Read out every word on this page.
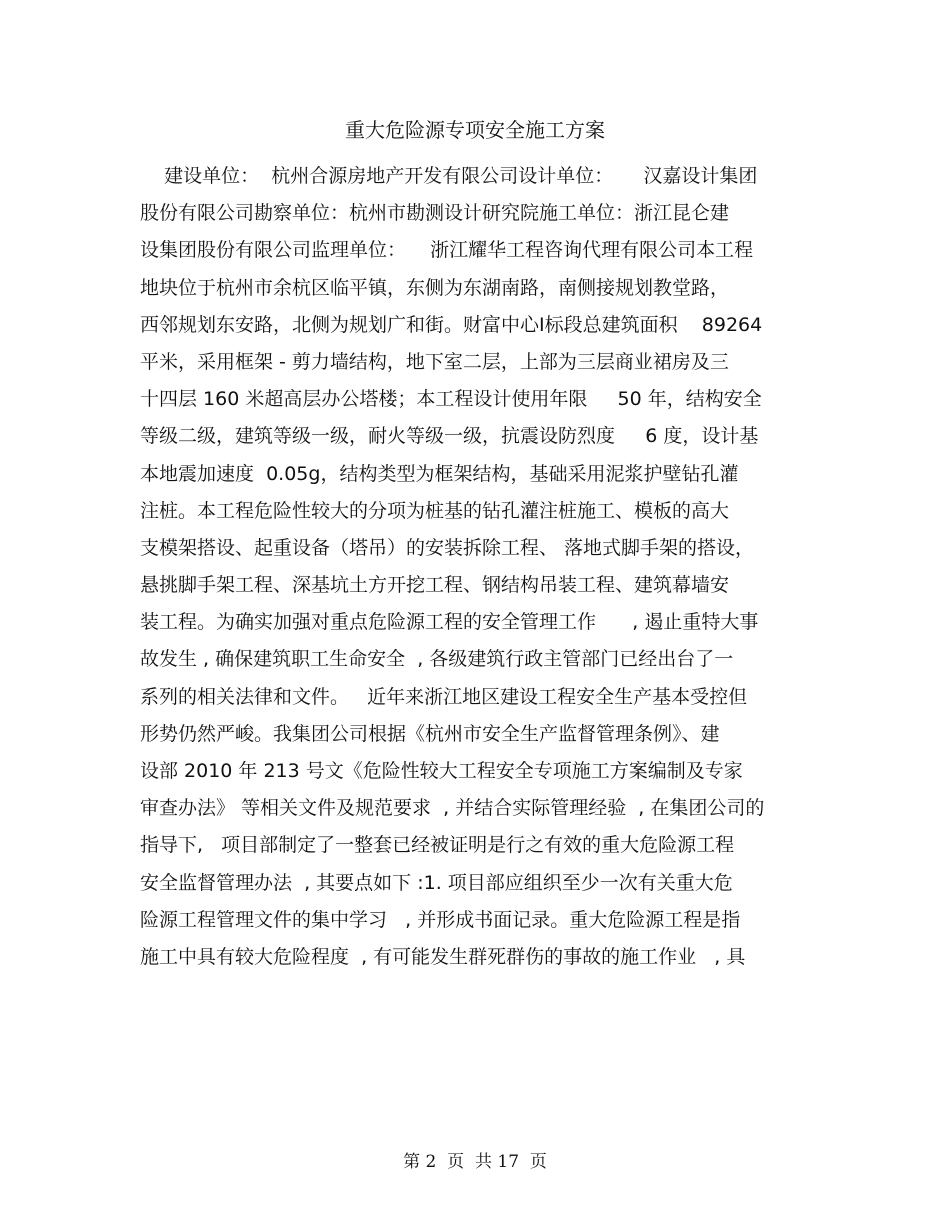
重大危险源专项安全施工方案
建设单位：  杭州合源房地产开发有限公司设计单位：     汉嘉设计集团
股份有限公司勘察单位：杭州市勘测设计研究院施工单位：浙江昆仑建
设集团股份有限公司监理单位：    浙江耀华工程咨询代理有限公司本工程
地块位于杭州市余杭区临平镇，东侧为东湖南路，南侧接规划教堂路，
西邻规划东安路，北侧为规划广和街。财富中心Ⅰ标段总建筑面积    89264
平米，采用框架 - 剪力墙结构，地下室二层，上部为三层商业裙房及三
十四层 160 米超高层办公塔楼；本工程设计使用年限     50 年，结构安全
等级二级，建筑等级一级，耐火等级一级，抗震设防烈度     6 度，设计基
本地震加速度  0.05g，结构类型为框架结构，基础采用泥浆护壁钻孔灌
注桩。本工程危险性较大的分项为桩基的钻孔灌注桩施工、模板的高大
支模架搭设、起重设备（塔吊）的安装拆除工程、 落地式脚手架的搭设，
悬挑脚手架工程、深基坑土方开挖工程、钢结构吊装工程、建筑幕墙安
装工程。为确实加强对重点危险源工程的安全管理工作      , 遏止重特大事
故发生 , 确保建筑职工生命安全  , 各级建筑行政主管部门已经出台了一
系列的相关法律和文件。   近年来浙江地区建设工程安全生产基本受控但
形势仍然严峻。我集团公司根据《杭州市安全生产监督管理条例》、建
设部 2010 年 213 号文《危险性较大工程安全专项施工方案编制及专家
审查办法》 等相关文件及规范要求  , 并结合实际管理经验  , 在集团公司的
指导下,   项目部制定了一整套已经被证明是行之有效的重大危险源工程
安全监督管理办法  , 其要点如下 :1. 项目部应组织至少一次有关重大危
险源工程管理文件的集中学习   , 并形成书面记录。重大危险源工程是指
施工中具有较大危险程度  , 有可能发生群死群伤的事故的施工作业   , 具
第 2  页  共 17  页
